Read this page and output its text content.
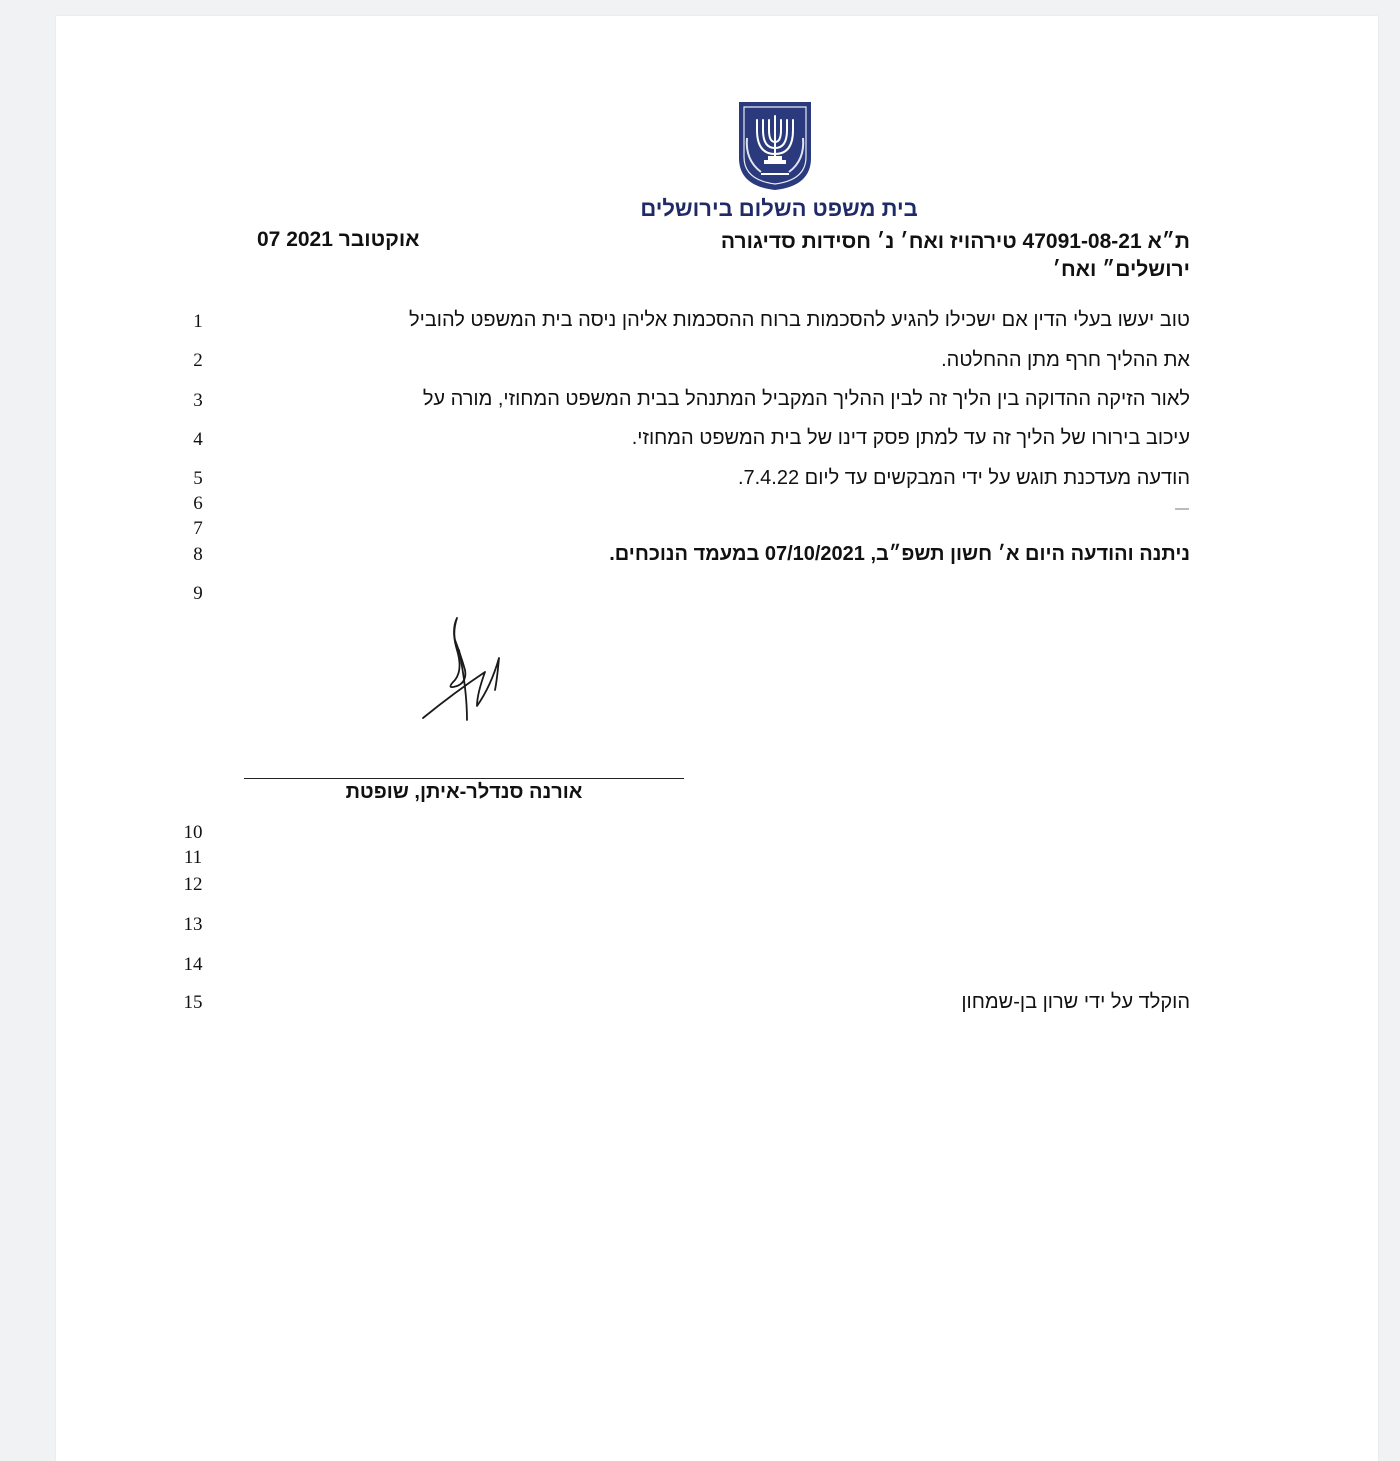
בית משפט השלום בירושלים
07 אוקטובר 2021	ת״א 47091-08-21 טירהויז ואח׳ נ׳ חסידות סדיגורה
ירושלים״ ואח׳
טוב יעשו בעלי הדין אם ישכילו להגיע להסכמות ברוח ההסכמות אליהן ניסה בית המשפט להוביל
את ההליך חרף מתן ההחלטה.
לאור הזיקה ההדוקה בין הליך זה לבין ההליך המקביל המתנהל בבית המשפט המחוזי, מורה על
עיכוב בירורו של הליך זה עד למתן פסק דינו של בית המשפט המחוזי.
הודעה מעדכנת תוגש על ידי המבקשים עד ליום 7.4.22.
ניתנה והודעה היום א׳ חשון תשפ״ב, 07/10/2021 במעמד הנוכחים.
1
2
3
4
5
6
7
8
9
10
11
12
13
14
15
אורנה סנדלר-איתן, שופטת
הוקלד על ידי שרון בן-שמחון
